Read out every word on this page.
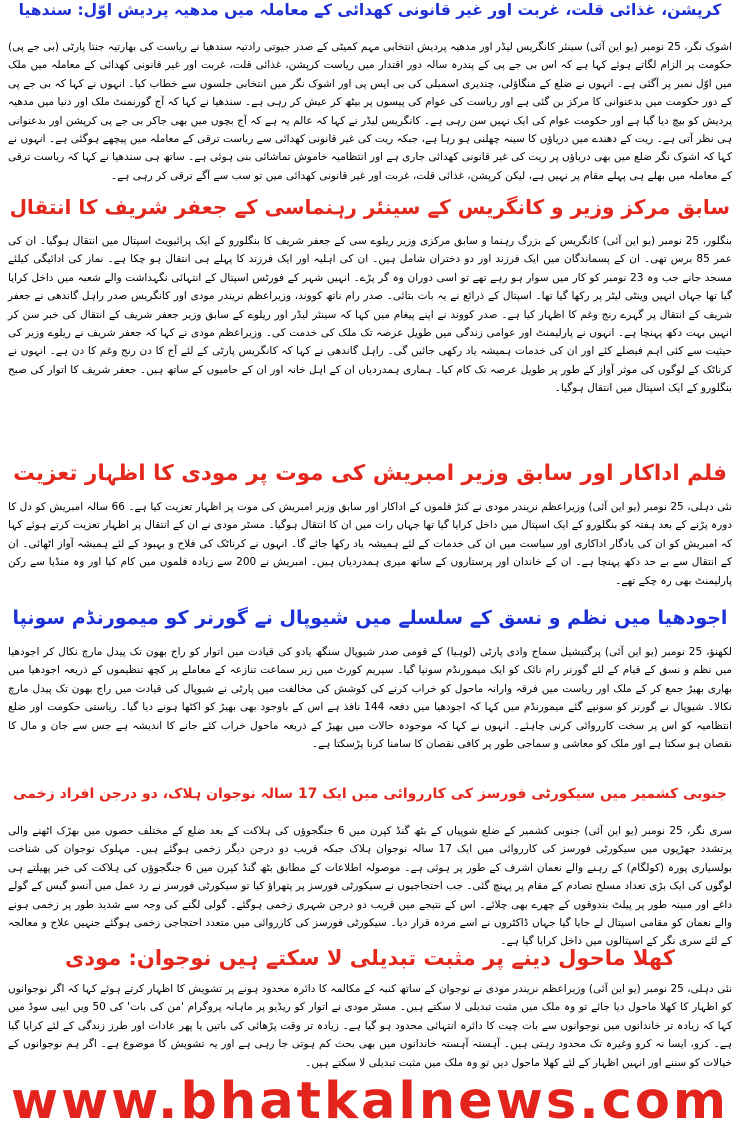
کرپشن، غذائی قلت، غربت اور غیر قانونی کھدائی کے معاملہ میں مدھیہ پردیش اوّل: سندھیا

اشوک نگر، 25 نومبر (یو این آئی) سینئر کانگریس لیڈر اور مدھیہ پردیش انتخابی مہم کمیٹی کے صدر جیوتی رادتیہ سندھیا نے ریاست کی بھارتیہ جنتا پارٹی (بی جے پی) حکومت پر الزام لگاتے ہوئے کہا ہے کہ اس بی جے پی کے پندرہ سالہ دور اقتدار میں ریاست کرپشن، غذائی قلت، غربت اور غیر قانونی کھدائی کے معاملہ میں ملک میں اوّل نمبر پر آگئی ہے۔ انہوں نے ضلع کے منگاؤلی، چندیری اسمبلی کی بی ایس پی اور اشوک نگر میں انتخابی جلسوں سے خطاب کیا۔ انہوں نے کہا کہ بی جے پی کے دور حکومت میں بدعنوانی کا مرکز بن گئی ہے اور ریاست کی عوام کی پیسوں پر بیٹھ کر عیش کر رہی ہے۔ سندھیا نے کہا کہ آج گورنمنٹ ملک اور دنیا میں مدھیہ پردیش کو بیچ دیا گیا ہے اور حکومت عوام کی ایک نہیں سن رہی ہے۔ کانگریس لیڈر نے کہا کہ عالم یہ ہے کہ آج بچوں میں بھی جاکر بی جے پی کرپشن اور بدعنوانی ہی نظر آتی ہے۔ ریت کے دھندے میں دریاؤں کا سینہ چھلنی ہو رہا ہے، جبکہ ریت کی غیر قانونی کھدائی سے ریاست ترقی کے معاملہ میں پیچھے ہوگئی ہے۔ انہوں نے کہا کہ اشوک نگر ضلع میں بھی دریاؤں پر ریت کی غیر قانونی کھدائی جاری ہے اور انتظامیہ خاموش تماشائی بنی ہوئی ہے۔ ساتھ ہی سندھیا نے کہا کہ ریاست ترقی کے معاملہ میں بھلے ہی پہلے مقام پر نہیں ہے، لیکن کرپشن، غذائی قلت، غربت اور غیر قانونی کھدائی میں تو سب سے آگے ترقی کر رہی ہے۔

سابق مرکز وزیر و کانگریس کے سینئر رہنماسی کے جعفر شریف کا انتقال

بنگلور، 25 نومبر (یو این آئی) کانگریس کے بزرگ رہنما و سابق مرکزی وزیر ریلوے سی کے جعفر شریف کا بنگلورو کے ایک پرائیویٹ اسپتال میں انتقال ہوگیا۔ ان کی عمر 85 برس تھی۔ ان کے پسماندگان میں ایک فرزند اور دو دختران شامل ہیں۔ ان کی اہلیہ اور ایک فرزند کا پہلے ہی انتقال ہو چکا ہے۔ نماز کی ادائیگی کیلئے مسجد جانے جب وہ 23 نومبر کو کار میں سوار ہو رہے تھے تو اسی دوران وہ گر پڑے۔ انہیں شہر کے فورٹس اسپتال کے انتہائی نگہداشت والے شعبہ میں داخل کرایا گیا تھا جہاں انہیں وینٹی لیٹر پر رکھا گیا تھا۔ اسپتال کے ذرائع نے یہ بات بتائی۔ صدر رام ناتھ کووند، وزیراعظم نریندر مودی اور کانگریس صدر راہل گاندھی نے جعفر شریف کے انتقال پر گہرے رنج وغم کا اظہار کیا ہے۔ صدر کووند نے اپنے پیغام میں کہا کہ سینئر لیڈر اور ریلوے کے سابق وزیر جعفر شریف کے انتقال کی خبر سن کر انہیں بہت دکھ پہنچا ہے۔ انہوں نے پارلیمنٹ اور عوامی زندگی میں طویل عرصہ تک ملک کی خدمت کی۔ وزیراعظم مودی نے کہا کہ جعفر شریف نے ریلوے وزیر کی حیثیت سے کئی اہم فیصلے کئے اور ان کی خدمات ہمیشہ یاد رکھی جائیں گی۔ راہل گاندھی نے کہا کہ کانگریس پارٹی کے لئے آج کا دن رنج وغم کا دن ہے۔ انہوں نے کرناٹک کے لوگوں کی موثر آواز کے طور پر طویل عرصہ تک کام کیا۔ ہماری ہمدردیاں ان کے اہل خانہ اور ان کے حامیوں کے ساتھ ہیں۔ جعفر شریف کا اتوار کی صبح بنگلورو کے ایک اسپتال میں انتقال ہوگیا۔

فلم اداکار اور سابق وزیر امبریش کی موت پر مودی کا اظہار تعزیت

نئی دہلی، 25 نومبر (یو این آئی) وزیراعظم نریندر مودی نے کنڑ فلموں کے اداکار اور سابق وزیر امبریش کی موت پر اظہار تعزیت کیا ہے۔ 66 سالہ امبریش کو دل کا دورہ پڑنے کے بعد ہفتہ کو بنگلورو کے ایک اسپتال میں داخل کرایا گیا تھا جہاں رات میں ان کا انتقال ہوگیا۔ مسٹر مودی نے ان کے انتقال پر اظہار تعزیت کرتے ہوئے کہا کہ امبریش کو ان کی یادگار اداکاری اور سیاست میں ان کی خدمات کے لئے ہمیشہ یاد رکھا جائے گا۔ انہوں نے کرناٹک کی فلاح و بہبود کے لئے ہمیشہ آواز اٹھائی۔ ان کے انتقال سے بے حد دکھ پہنچا ہے۔ ان کے خاندان اور پرستاروں کے ساتھ میری ہمدردیاں ہیں۔ امبریش نے 200 سے زیادہ فلموں میں کام کیا اور وہ منڈیا سے رکن پارلیمنٹ بھی رہ چکے تھے۔

اجودھیا میں نظم و نسق کے سلسلے میں شیوپال نے گورنر کو میمورنڈم سونپا

لکھنؤ، 25 نومبر (یو این آئی) پرگتیشیل سماج وادی پارٹی (لوہیا) کے قومی صدر شیوپال سنگھ یادو کی قیادت میں اتوار کو راج بھون تک پیدل مارچ نکال کر اجودھیا میں نظم و نسق کے قیام کے لئے گورنر رام نائک کو ایک میمورنڈم سونپا گیا۔ سپریم کورٹ میں زیر سماعت تنازعہ کے معاملے پر کچھ تنظیموں کے ذریعہ اجودھیا میں بھاری بھیڑ جمع کر کے ملک اور ریاست میں فرقہ وارانہ ماحول کو خراب کرنے کی کوشش کی مخالفت میں پارٹی نے شیوپال کی قیادت میں راج بھون تک پیدل مارچ نکالا۔ شیوپال نے گورنر کو سونپے گئے میمورنڈم میں کہا کہ اجودھیا میں دفعہ 144 نافذ ہے اس کے باوجود بھی بھیڑ کو اکٹھا ہونے دیا گیا۔ ریاستی حکومت اور ضلع انتظامیہ کو اس پر سخت کارروائی کرنی چاہئے۔ انہوں نے کہا کہ موجودہ حالات میں بھیڑ کے ذریعہ ماحول خراب کئے جانے کا اندیشہ ہے جس سے جان و مال کا نقصان ہو سکتا ہے اور ملک کو معاشی و سماجی طور پر کافی نقصان کا سامنا کرنا پڑسکتا ہے۔

جنوبی کشمیر میں سیکورٹی فورسز کی کارروائی میں ایک 17 سالہ نوجوان ہلاک، دو درجن افراد زخمی

سری نگر، 25 نومبر (یو این آئی) جنوبی کشمیر کے ضلع شوپیاں کے بٹھ گنڈ کپرن میں 6 جنگجوؤں کی ہلاکت کے بعد ضلع کے مختلف حصوں میں بھڑک اٹھنے والی پرتشدد جھڑپوں میں سیکورٹی فورسز کی کارروائی میں ایک 17 سالہ نوجوان ہلاک جبکہ قریب دو درجن دیگر زخمی ہوگئے ہیں۔ مہلوک نوجوان کی شناخت بولسیاری پورہ (کولگام) کے رہنے والے نعمان اشرف کے طور پر ہوئی ہے۔ موصولہ اطلاعات کے مطابق بٹھ گنڈ کپرن میں 6 جنگجوؤں کی ہلاکت کی خبر پھیلتے ہی لوگوں کی ایک بڑی تعداد مسلح تصادم کے مقام پر پہنچ گئی۔ جب احتجاجیوں نے سیکورٹی فورسز پر پتھراؤ کیا تو سیکورٹی فورسز نے رد عمل میں آنسو گیس کے گولے داغے اور مبینہ طور پر پیلٹ بندوقوں کے چھرے بھی چلائے۔ اس کے نتیجے میں قریب دو درجن شہری زخمی ہوگئے۔ گولی لگنے کی وجہ سے شدید طور پر زخمی ہونے والے نعمان کو مقامی اسپتال لے جایا گیا جہاں ڈاکٹروں نے اسے مردہ قرار دیا۔ سیکورٹی فورسز کی کارروائی میں متعدد احتجاجی زخمی ہوگئے جنہیں علاج و معالجہ کے لئے سری نگر کے اسپتالوں میں داخل کرایا گیا ہے۔

کھلا ماحول دینے پر مثبت تبدیلی لا سکتے ہیں نوجوان: مودی

نئی دہلی، 25 نومبر (یو این آئی) وزیراعظم نریندر مودی نے نوجوان کے ساتھ کنبہ کے مکالمہ کا دائرہ محدود ہونے پر تشویش کا اظہار کرتے ہوئے کہا کہ اگر نوجوانوں کو اظہار کا کھلا ماحول دیا جائے تو وہ ملک میں مثبت تبدیلی لا سکتے ہیں۔ مسٹر مودی نے اتوار کو ریڈیو پر ماہانہ پروگرام 'من کی بات' کی 50 ویں ایپی سوڈ میں کہا کہ زیادہ تر خاندانوں میں نوجوانوں سے بات چیت کا دائرہ انتہائی محدود ہو گیا ہے۔ زیادہ تر وقت پڑھائی کی باتیں یا پھر عادات اور طرز زندگی کے لئے کرایا گیا ہے۔ کرو، ایسا نہ کرو وغیرہ تک محدود رہتی ہیں۔ آہستہ آہستہ خاندانوں میں بھی بحث کم ہوتی جا رہی ہے اور یہ تشویش کا موضوع ہے۔ اگر ہم نوجوانوں کے خیالات کو سننے اور انہیں اظہار کے لئے کھلا ماحول دیں تو وہ ملک میں مثبت تبدیلی لا سکتے ہیں۔

www.bhatkalnews.com
